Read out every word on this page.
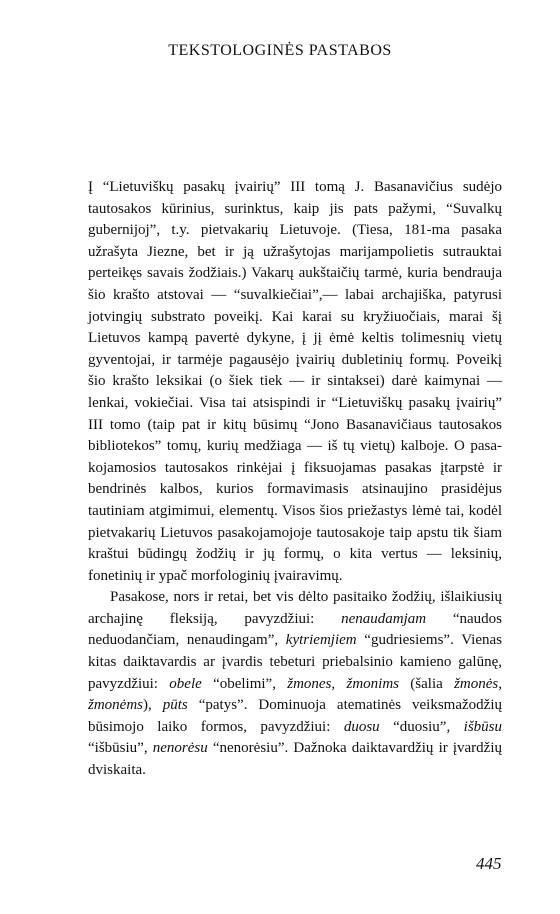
TEKSTOLOGINĖS PASTABOS

Į “Lietuviškų pasakų įvairių” III tomą J. Basanavičius sudėjo tautosakos kūrinius, surinktus, kaip jis pats pažymi, “Suvalkų gubernijoj”, t.y. pietvakarių Lietuvoje. (Tiesa, 181-ma pasaka užrašyta Jiezne, bet ir ją užrašytojas marijampolietis sutrauktai perteikęs savais žodžiais.) Vakarų aukštaičių tarmė, kuria bendrauja šio krašto atstovai — “suvalkiečiai”,— labai archajiška, patyrusi jotvingių substrato poveikį. Kai karai su kryžiuočiais, marai šį Lietuvos kampą pavertė dykyne, į jį ėmė keltis tolimesnių vietų gyventojai, ir tarmėje pagausėjo įvairių dubletinių formų. Poveikį šio krašto leksikai (o šiek tiek — ir sintaksei) darė kaimynai — lenkai, vokiečiai. Visa tai atsispindi ir “Lietuviškų pasakų įvairių” III tomo (taip pat ir kitų būsimų “Jono Basanavičiaus tautosakos bibliotekos” tomų, kurių medžiaga — iš tų vietų) kalboje. O pasakojamosios tautosakos rinkėjai į fiksuojamas pasakas įtarpstė ir bendrinės kalbos, kurios formavimasis atsinaujino prasidėjus tautiniam atgimimui, elementų. Visos šios priežastys lėmė tai, kodėl pietvakarių Lietuvos pasakojamojoje tautosakoje taip apstu tik šiam kraštui būdingų žodžių ir jų formų, o kita vertus — leksinių, fonetinių ir ypač morfologinių įvairavimų.

Pasakose, nors ir retai, bet vis dėlto pasitaiko žodžių, išlaikiusių archajinę fleksiją, pavyzdžiui: nenaudamjam “naudos neduodančiam, nenaudingam”, kytriemjiem “gudriesiems”. Vienas kitas daiktavardis ar įvardis tebeturi priebalsinio kamieno galūnę, pavyzdžiui: obele “obelimi”, žmones, žmonims (šalia žmonės, žmonėms), pūts “patys”. Dominuoja atematinės veiksmažodžių būsimojo laiko formos, pavyzdžiui: duosu “duosiu”, išbūsu “išbūsiu”, nenorėsu “nenorėsiu”. Dažnoka daiktavardžių ir įvardžių dviskaita.

445
